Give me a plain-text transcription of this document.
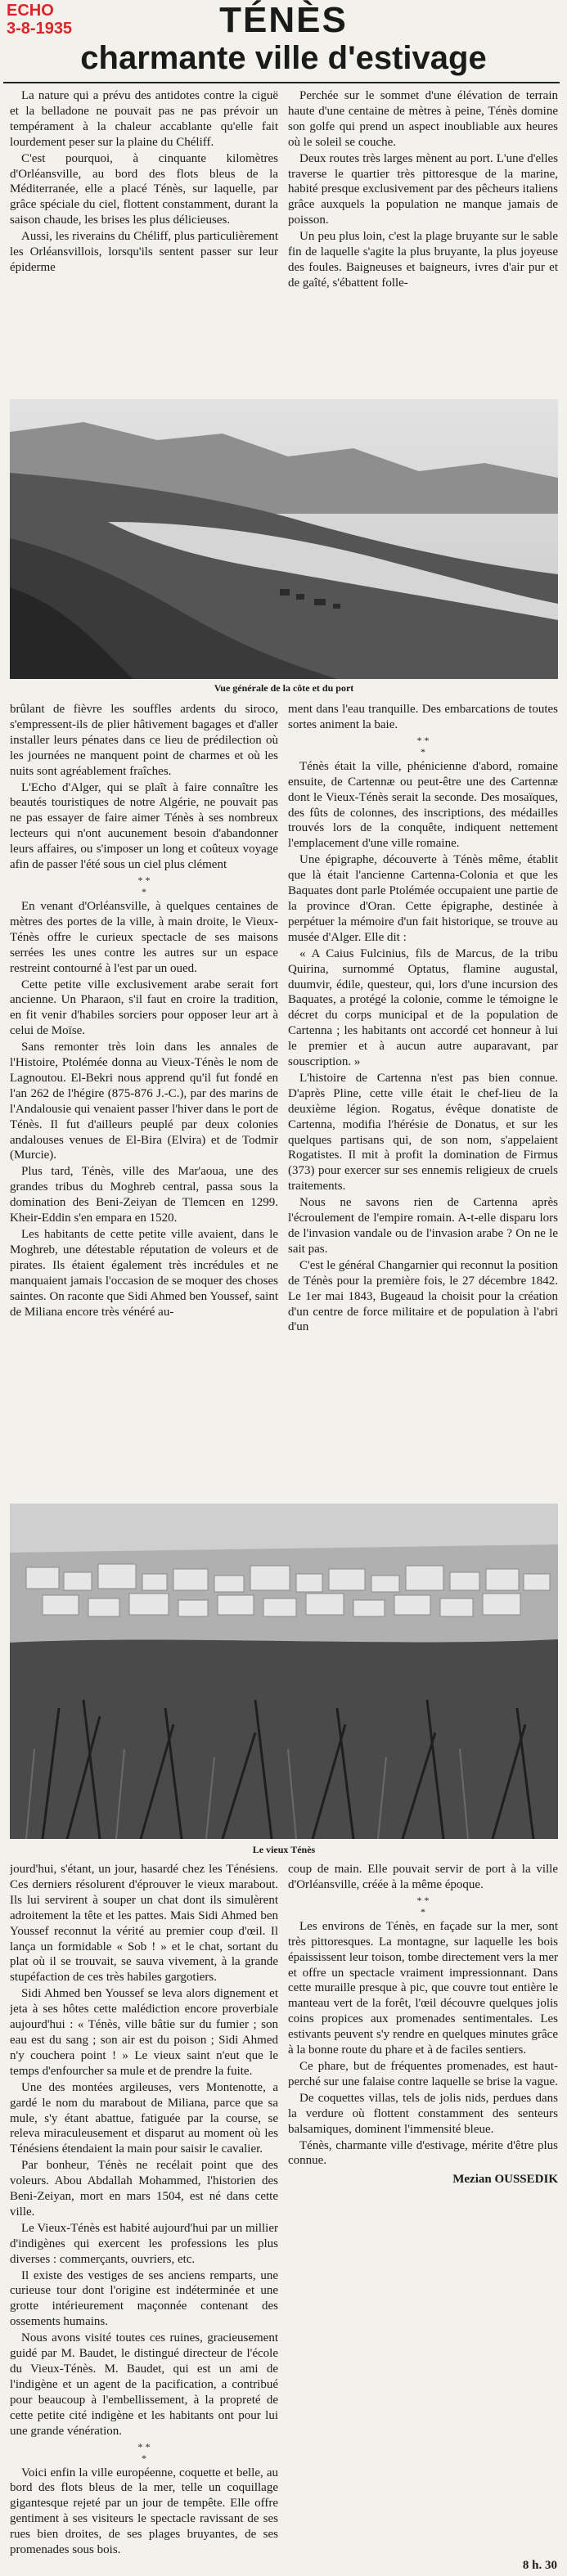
ECHO
3-8-1935	TÉNÈS
charmante ville d'estivage

La nature qui a prévu des antidotes contre la ciguë et la belladone ne pouvait pas ne pas prévoir un tempérament à la chaleur accablante qu'elle fait lourdement peser sur la plaine du Chéliff.

C'est pourquoi, à cinquante kilomètres d'Orléansville, au bord des flots bleus de la Méditerranée, elle a placé Ténès, sur laquelle, par grâce spéciale du ciel, flottent constamment, durant la saison chaude, les brises les plus délicieuses.

Aussi, les riverains du Chéliff, plus particulièrement les Orléansvillois, lorsqu'ils sentent passer sur leur épiderme

Perchée sur le sommet d'une élévation de terrain haute d'une centaine de mètres à peine, Ténès domine son golfe qui prend un aspect inoubliable aux heures où le soleil se couche.

Deux routes très larges mènent au port. L'une d'elles traverse le quartier très pittoresque de la marine, habité presque exclusivement par des pêcheurs italiens grâce auxquels la population ne manque jamais de poisson.

Un peu plus loin, c'est la plage bruyante sur le sable fin de laquelle s'agite la plus bruyante, la plus joyeuse des foules. Baigneuses et baigneurs, ivres d'air pur et de gaîté, s'ébattent folle-

Vue générale de la côte et du port

brûlant de fièvre les souffles ardents du siroco, s'empressent-ils de plier hâtivement bagages et d'aller installer leurs pénates dans ce lieu de prédilection où les journées ne manquent point de charmes et où les nuits sont agréablement fraîches.

L'Echo d'Alger, qui se plaît à faire connaître les beautés touristiques de notre Algérie, ne pouvait pas ne pas essayer de faire aimer Ténès à ses nombreux lecteurs qui n'ont aucunement besoin d'abandonner leurs affaires, ou s'imposer un long et coûteux voyage afin de passer l'été sous un ciel plus clément

* *
*

En venant d'Orléansville, à quelques centaines de mètres des portes de la ville, à main droite, le Vieux-Ténès offre le curieux spectacle de ses maisons serrées les unes contre les autres sur un espace restreint contourné à l'est par un oued.

Cette petite ville exclusivement arabe serait fort ancienne. Un Pharaon, s'il faut en croire la tradition, en fit venir d'habiles sorciers pour opposer leur art à celui de Moïse.

Sans remonter très loin dans les annales de l'Histoire, Ptolémée donna au Vieux-Ténès le nom de Lagnoutou. El-Bekri nous apprend qu'il fut fondé en l'an 262 de l'hégire (875-876 J.-C.), par des marins de l'Andalousie qui venaient passer l'hiver dans le port de Ténès. Il fut d'ailleurs peuplé par deux colonies andalouses venues de El-Bira (Elvira) et de Todmir (Murcie).

Plus tard, Ténès, ville des Mar'aoua, une des grandes tribus du Moghreb central, passa sous la domination des Beni-Zeiyan de Tlemcen en 1299. Kheir-Eddin s'en empara en 1520.

Les habitants de cette petite ville avaient, dans le Moghreb, une détestable réputation de voleurs et de pirates. Ils étaient également très incrédules et ne manquaient jamais l'occasion de se moquer des choses saintes. On raconte que Sidi Ahmed ben Youssef, saint de Miliana encore très vénéré au-

ment dans l'eau tranquille. Des embarcations de toutes sortes animent la baie.

* *
*

Ténès était la ville, phénicienne d'abord, romaine ensuite, de Cartennæ ou peut-être une des Cartennæ dont le Vieux-Ténès serait la seconde. Des mosaïques, des fûts de colonnes, des inscriptions, des médailles trouvés lors de la conquête, indiquent nettement l'emplacement d'une ville romaine.

Une épigraphe, découverte à Ténès même, établit que là était l'ancienne Cartenna-Colonia et que les Baquates dont parle Ptolémée occupaient une partie de la province d'Oran. Cette épigraphe, destinée à perpétuer la mémoire d'un fait historique, se trouve au musée d'Alger. Elle dit :

« A Caius Fulcinius, fils de Marcus, de la tribu Quirina, surnommé Optatus, flamine augustal, duumvir, édile, questeur, qui, lors d'une incursion des Baquates, a protégé la colonie, comme le témoigne le décret du corps municipal et de la population de Cartenna ; les habitants ont accordé cet honneur à lui le premier et à aucun autre auparavant, par souscription. »

L'histoire de Cartenna n'est pas bien connue. D'après Pline, cette ville était le chef-lieu de la deuxième légion. Rogatus, évêque donatiste de Cartenna, modifia l'hérésie de Donatus, et sur les quelques partisans qui, de son nom, s'appelaient Rogatistes. Il mit à profit la domination de Firmus (373) pour exercer sur ses ennemis religieux de cruels traitements.

Nous ne savons rien de Cartenna après l'écroulement de l'empire romain. A-t-elle disparu lors de l'invasion vandale ou de l'invasion arabe ? On ne le sait pas.

C'est le général Changarnier qui reconnut la position de Ténès pour la première fois, le 27 décembre 1842. Le 1er mai 1843, Bugeaud la choisit pour la création d'un centre de force militaire et de population à l'abri d'un

Le vieux Ténès

jourd'hui, s'étant, un jour, hasardé chez les Ténésiens. Ces derniers résolurent d'éprouver le vieux marabout. Ils lui servirent à souper un chat dont ils simulèrent adroitement la tête et les pattes. Mais Sidi Ahmed ben Youssef reconnut la vérité au premier coup d'œil. Il lança un formidable « Sob ! » et le chat, sortant du plat où il se trouvait, se sauva vivement, à la grande stupéfaction de ces très habiles gargotiers.

Sidi Ahmed ben Youssef se leva alors dignement et jeta à ses hôtes cette malédiction encore proverbiale aujourd'hui : « Ténès, ville bâtie sur du fumier ; son eau est du sang ; son air est du poison ; Sidi Ahmed n'y couchera point ! » Le vieux saint n'eut que le temps d'enfourcher sa mule et de prendre la fuite.

Une des montées argileuses, vers Montenotte, a gardé le nom du marabout de Miliana, parce que sa mule, s'y étant abattue, fatiguée par la course, se releva miraculeusement et disparut au moment où les Ténésiens étendaient la main pour saisir le cavalier.

Par bonheur, Ténès ne recélait point que des voleurs. Abou Abdallah Mohammed, l'historien des Beni-Zeiyan, mort en mars 1504, est né dans cette ville.

Le Vieux-Ténès est habité aujourd'hui par un millier d'indigènes qui exercent les professions les plus diverses : commerçants, ouvriers, etc.

Il existe des vestiges de ses anciens remparts, une curieuse tour dont l'origine est indéterminée et une grotte intérieurement maçonnée contenant des ossements humains.

Nous avons visité toutes ces ruines, gracieusement guidé par M. Baudet, le distingué directeur de l'école du Vieux-Ténès. M. Baudet, qui est un ami de l'indigène et un agent de la pacification, a contribué pour beaucoup à l'embellissement, à la propreté de cette petite cité indigène et les habitants ont pour lui une grande vénération.

* *
*

Voici enfin la ville européenne, coquette et belle, au bord des flots bleus de la mer, telle un coquillage gigantesque rejeté par un jour de tempête. Elle offre gentiment à ses visiteurs le spectacle ravissant de ses rues bien droites, de ses plages bruyantes, de ses promenades sous bois.

coup de main. Elle pouvait servir de port à la ville d'Orléansville, créée à la même époque.

* *
*

Les environs de Ténès, en façade sur la mer, sont très pittoresques. La montagne, sur laquelle les bois épaississent leur toison, tombe directement vers la mer et offre un spectacle vraiment impressionnant. Dans cette muraille presque à pic, que couvre tout entière le manteau vert de la forêt, l'œil découvre quelques jolis coins propices aux promenades sentimentales. Les estivants peuvent s'y rendre en quelques minutes grâce à la bonne route du phare et à de faciles sentiers.

Ce phare, but de fréquentes promenades, est haut-perché sur une falaise contre laquelle se brise la vague.

De coquettes villas, tels de jolis nids, perdues dans la verdure où flottent constamment des senteurs balsamiques, dominent l'immensité bleue.

Ténès, charmante ville d'estivage, mérite d'être plus connue.

Mezian OUSSEDIK
8 h. 30
